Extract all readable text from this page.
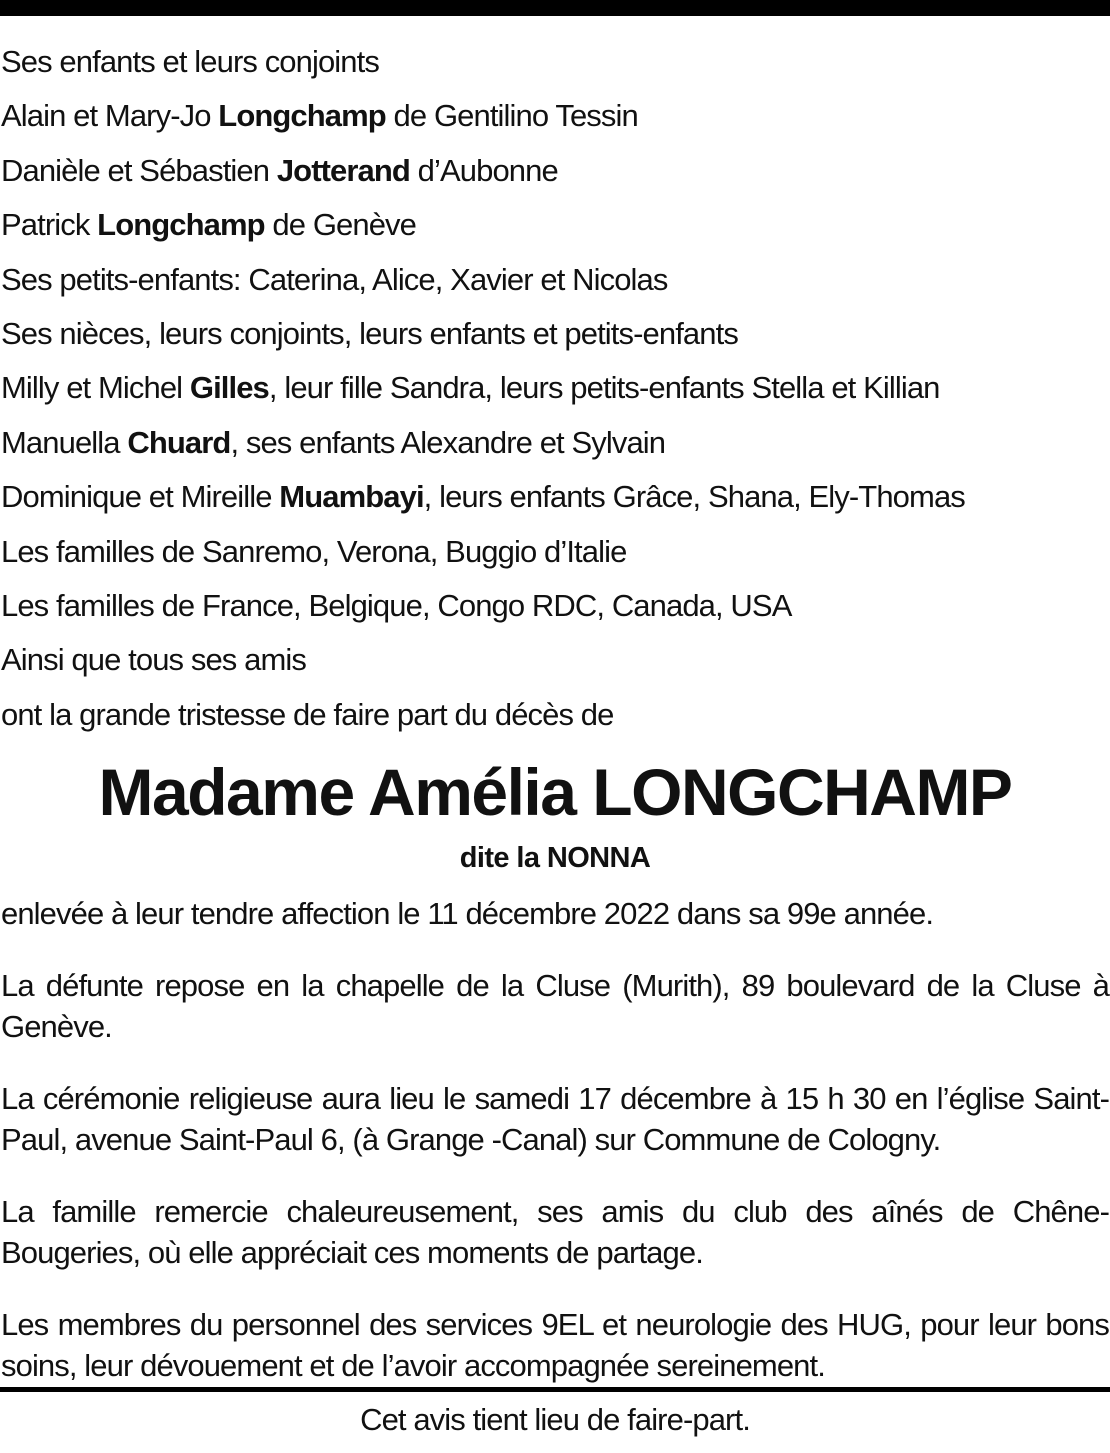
Ses enfants et leurs conjoints
Alain et Mary-Jo Longchamp de Gentilino Tessin
Danièle et Sébastien Jotterand d’Aubonne
Patrick Longchamp de Genève
Ses petits-enfants: Caterina, Alice, Xavier et Nicolas
Ses nièces, leurs conjoints, leurs enfants et petits-enfants
Milly et Michel Gilles, leur fille Sandra, leurs petits-enfants Stella et Killian
Manuella Chuard, ses enfants Alexandre et Sylvain
Dominique et Mireille Muambayi, leurs enfants Grâce, Shana, Ely-Thomas
Les familles de Sanremo, Verona, Buggio d’Italie
Les familles de France, Belgique, Congo RDC, Canada, USA
Ainsi que tous ses amis
ont la grande tristesse de faire part du décès de
Madame Amélia LONGCHAMP
dite la NONNA

enlevée à leur tendre affection le 11 décembre 2022 dans sa 99e année.

La défunte repose en la chapelle de la Cluse (Murith), 89 boulevard de la Cluse à Genève.

La cérémonie religieuse aura lieu le samedi 17 décembre à 15 h 30 en l’église Saint-Paul, avenue Saint-Paul 6, (à Grange -Canal) sur Commune de Cologny.

La famille remercie chaleureusement, ses amis du club des aînés de Chêne-Bougeries, où elle appréciait ces moments de partage.

Les membres du personnel des services 9EL et neurologie des HUG, pour leur bons soins, leur dévouement et de l’avoir accompagnée sereinement.

Cet avis tient lieu de faire-part.
